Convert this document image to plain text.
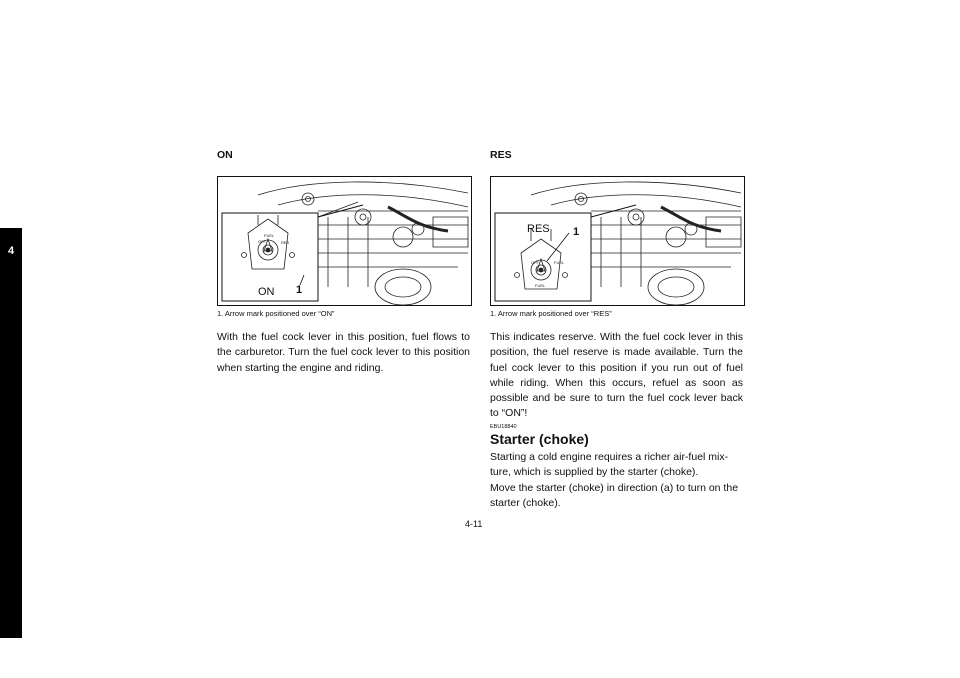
4
ON
OFF
FUEL
RES
ON 1
1. Arrow mark positioned over “ON”
With the fuel cock lever in this position, fuel flows to the carburetor. Turn the fuel cock lever to this position when starting the engine and riding.
RES
OFF	FUEL
FUEL
RES 1
1. Arrow mark positioned over “RES”
This indicates reserve. With the fuel cock lever in this position, the fuel reserve is made available. Turn the fuel cock lever to this position if you run out of fuel while riding. When this occurs, refuel as soon as possible and be sure to turn the fuel cock lever back to “ON”!
EBU18840
Starter (choke)

Starting a cold engine requires a richer air-fuel mix-ture, which is supplied by the starter (choke).

Move the starter (choke) in direction (a) to turn on the starter (choke).

4-11
